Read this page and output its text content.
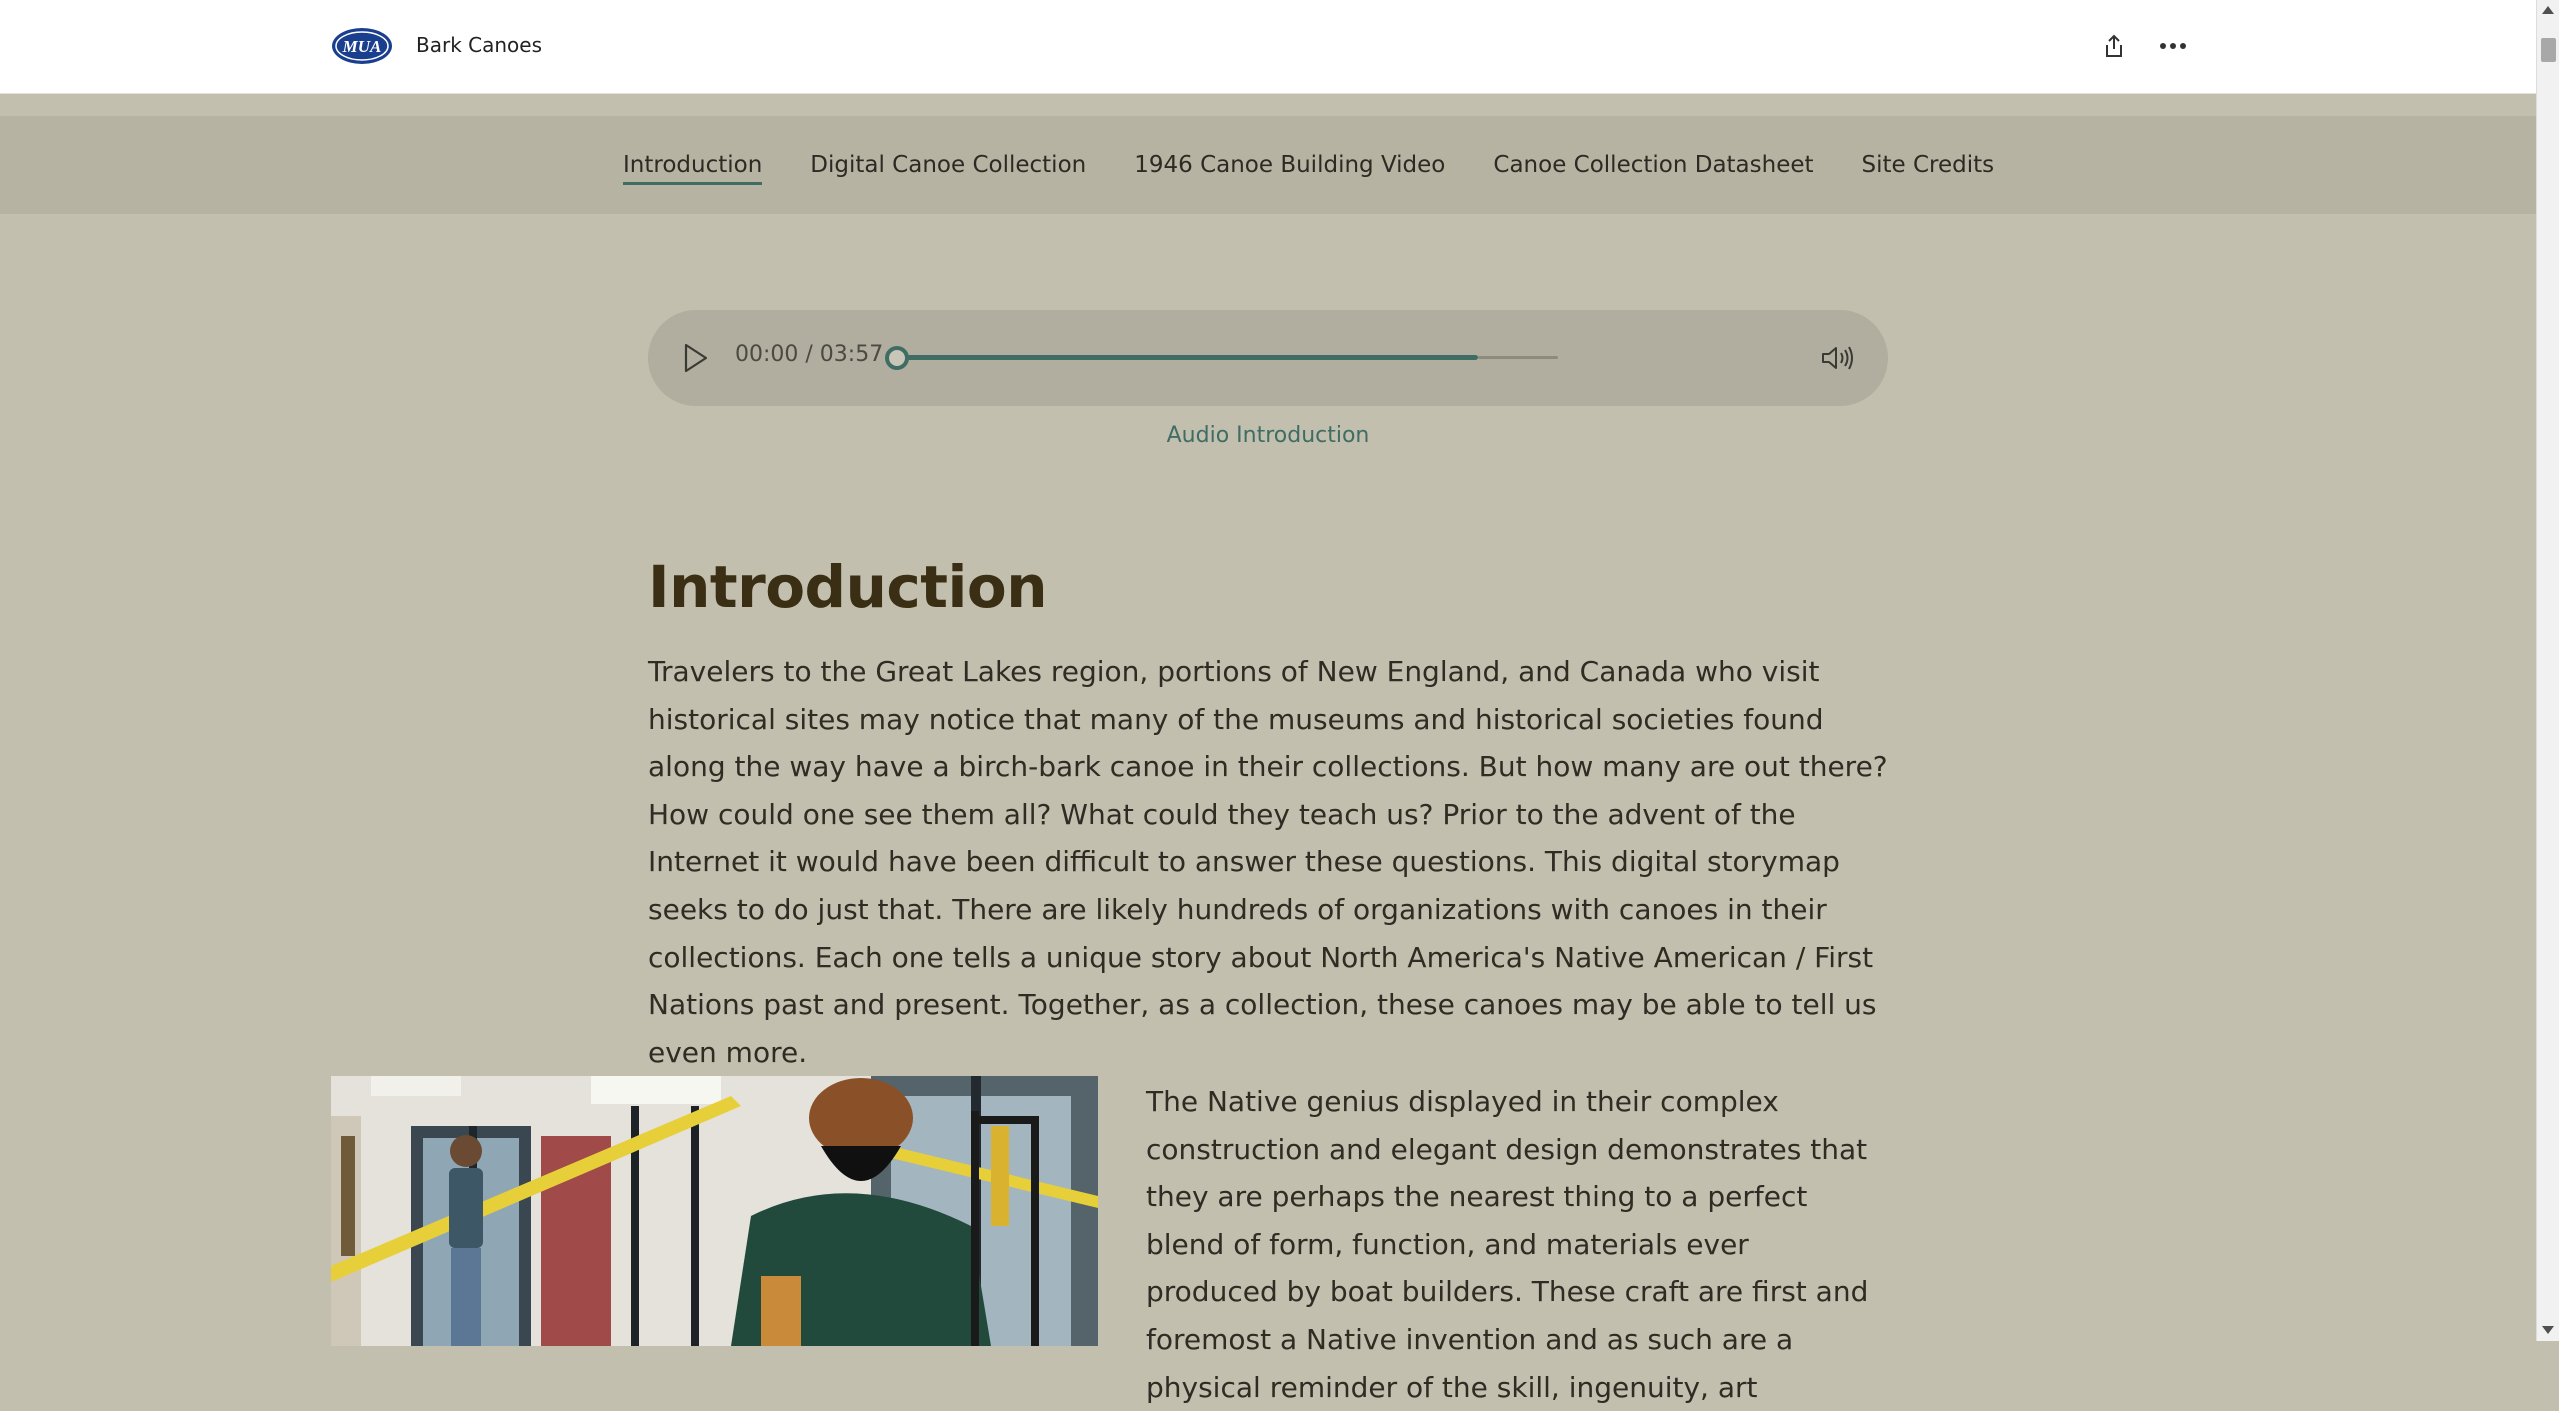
MUA Bark Canoes
Introduction Digital Canoe Collection 1946 Canoe Building Video Canoe Collection Datasheet Site Credits
00:00 / 03:57
Audio Introduction
Introduction

Travelers to the Great Lakes region, portions of New England, and Canada who visit historical sites may notice that many of the museums and historical societies found along the way have a birch-bark canoe in their collections. But how many are out there? How could one see them all? What could they teach us? Prior to the advent of the Internet it would have been difficult to answer these questions. This digital storymap seeks to do just that. There are likely hundreds of organizations with canoes in their collections. Each one tells a unique story about North America's Native American / First Nations past and present. Together, as a collection, these canoes may be able to tell us even more.

The Native genius displayed in their complex construction and elegant design demonstrates that they are perhaps the nearest thing to a perfect blend of form, function, and materials ever produced by boat builders. These craft are first and foremost a Native invention and as such are a physical reminder of the skill, ingenuity, art
